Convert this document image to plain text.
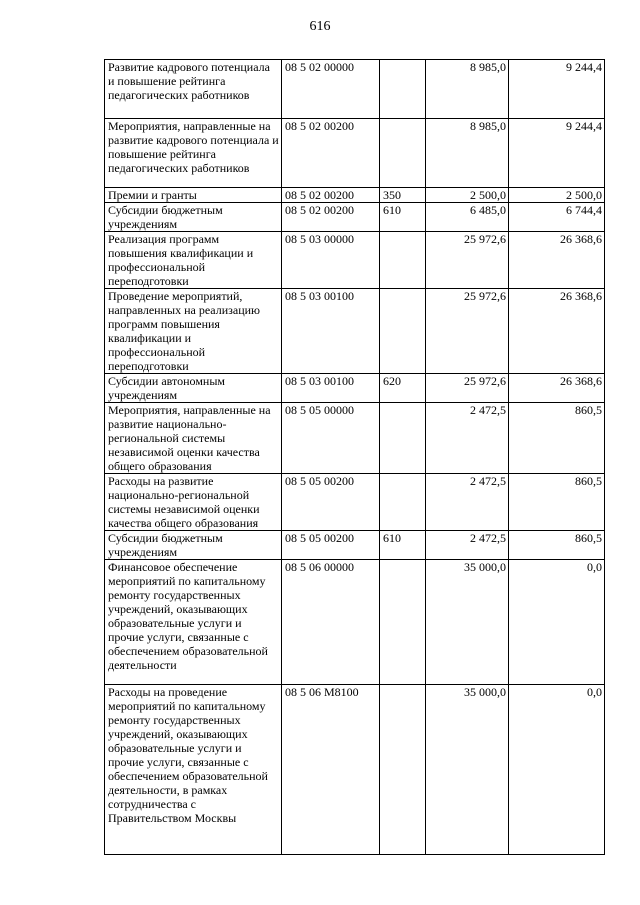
616
Развитие кадрового потенциала и повышение рейтинга педагогических работников	08 5 02 00000		8 985,0	9 244,4
Мероприятия, направленные на развитие кадрового потенциала и повышение рейтинга педагогических работников	08 5 02 00200		8 985,0	9 244,4
Премии и гранты	08 5 02 00200	350	2 500,0	2 500,0
Субсидии бюджетным учреждениям	08 5 02 00200	610	6 485,0	6 744,4
Реализация программ повышения квалификации и профессиональной переподготовки	08 5 03 00000		25 972,6	26 368,6
Проведение мероприятий, направленных на реализацию программ повышения квалификации и профессиональной переподготовки	08 5 03 00100		25 972,6	26 368,6
Субсидии автономным учреждениям	08 5 03 00100	620	25 972,6	26 368,6
Мероприятия, направленные на развитие национально-региональной системы независимой оценки качества общего образования	08 5 05 00000		2 472,5	860,5
Расходы на развитие национально-региональной системы независимой оценки качества общего образования	08 5 05 00200		2 472,5	860,5
Субсидии бюджетным учреждениям	08 5 05 00200	610	2 472,5	860,5
Финансовое обеспечение мероприятий по капитальному ремонту государственных учреждений, оказывающих образовательные услуги и прочие услуги, связанные с обеспечением образовательной деятельности	08 5 06 00000		35 000,0	0,0
Расходы на проведение мероприятий по капитальному ремонту государственных учреждений, оказывающих образовательные услуги и прочие услуги, связанные с обеспечением образовательной деятельности, в рамках сотрудничества с Правительством Москвы	08 5 06 М8100		35 000,0	0,0
